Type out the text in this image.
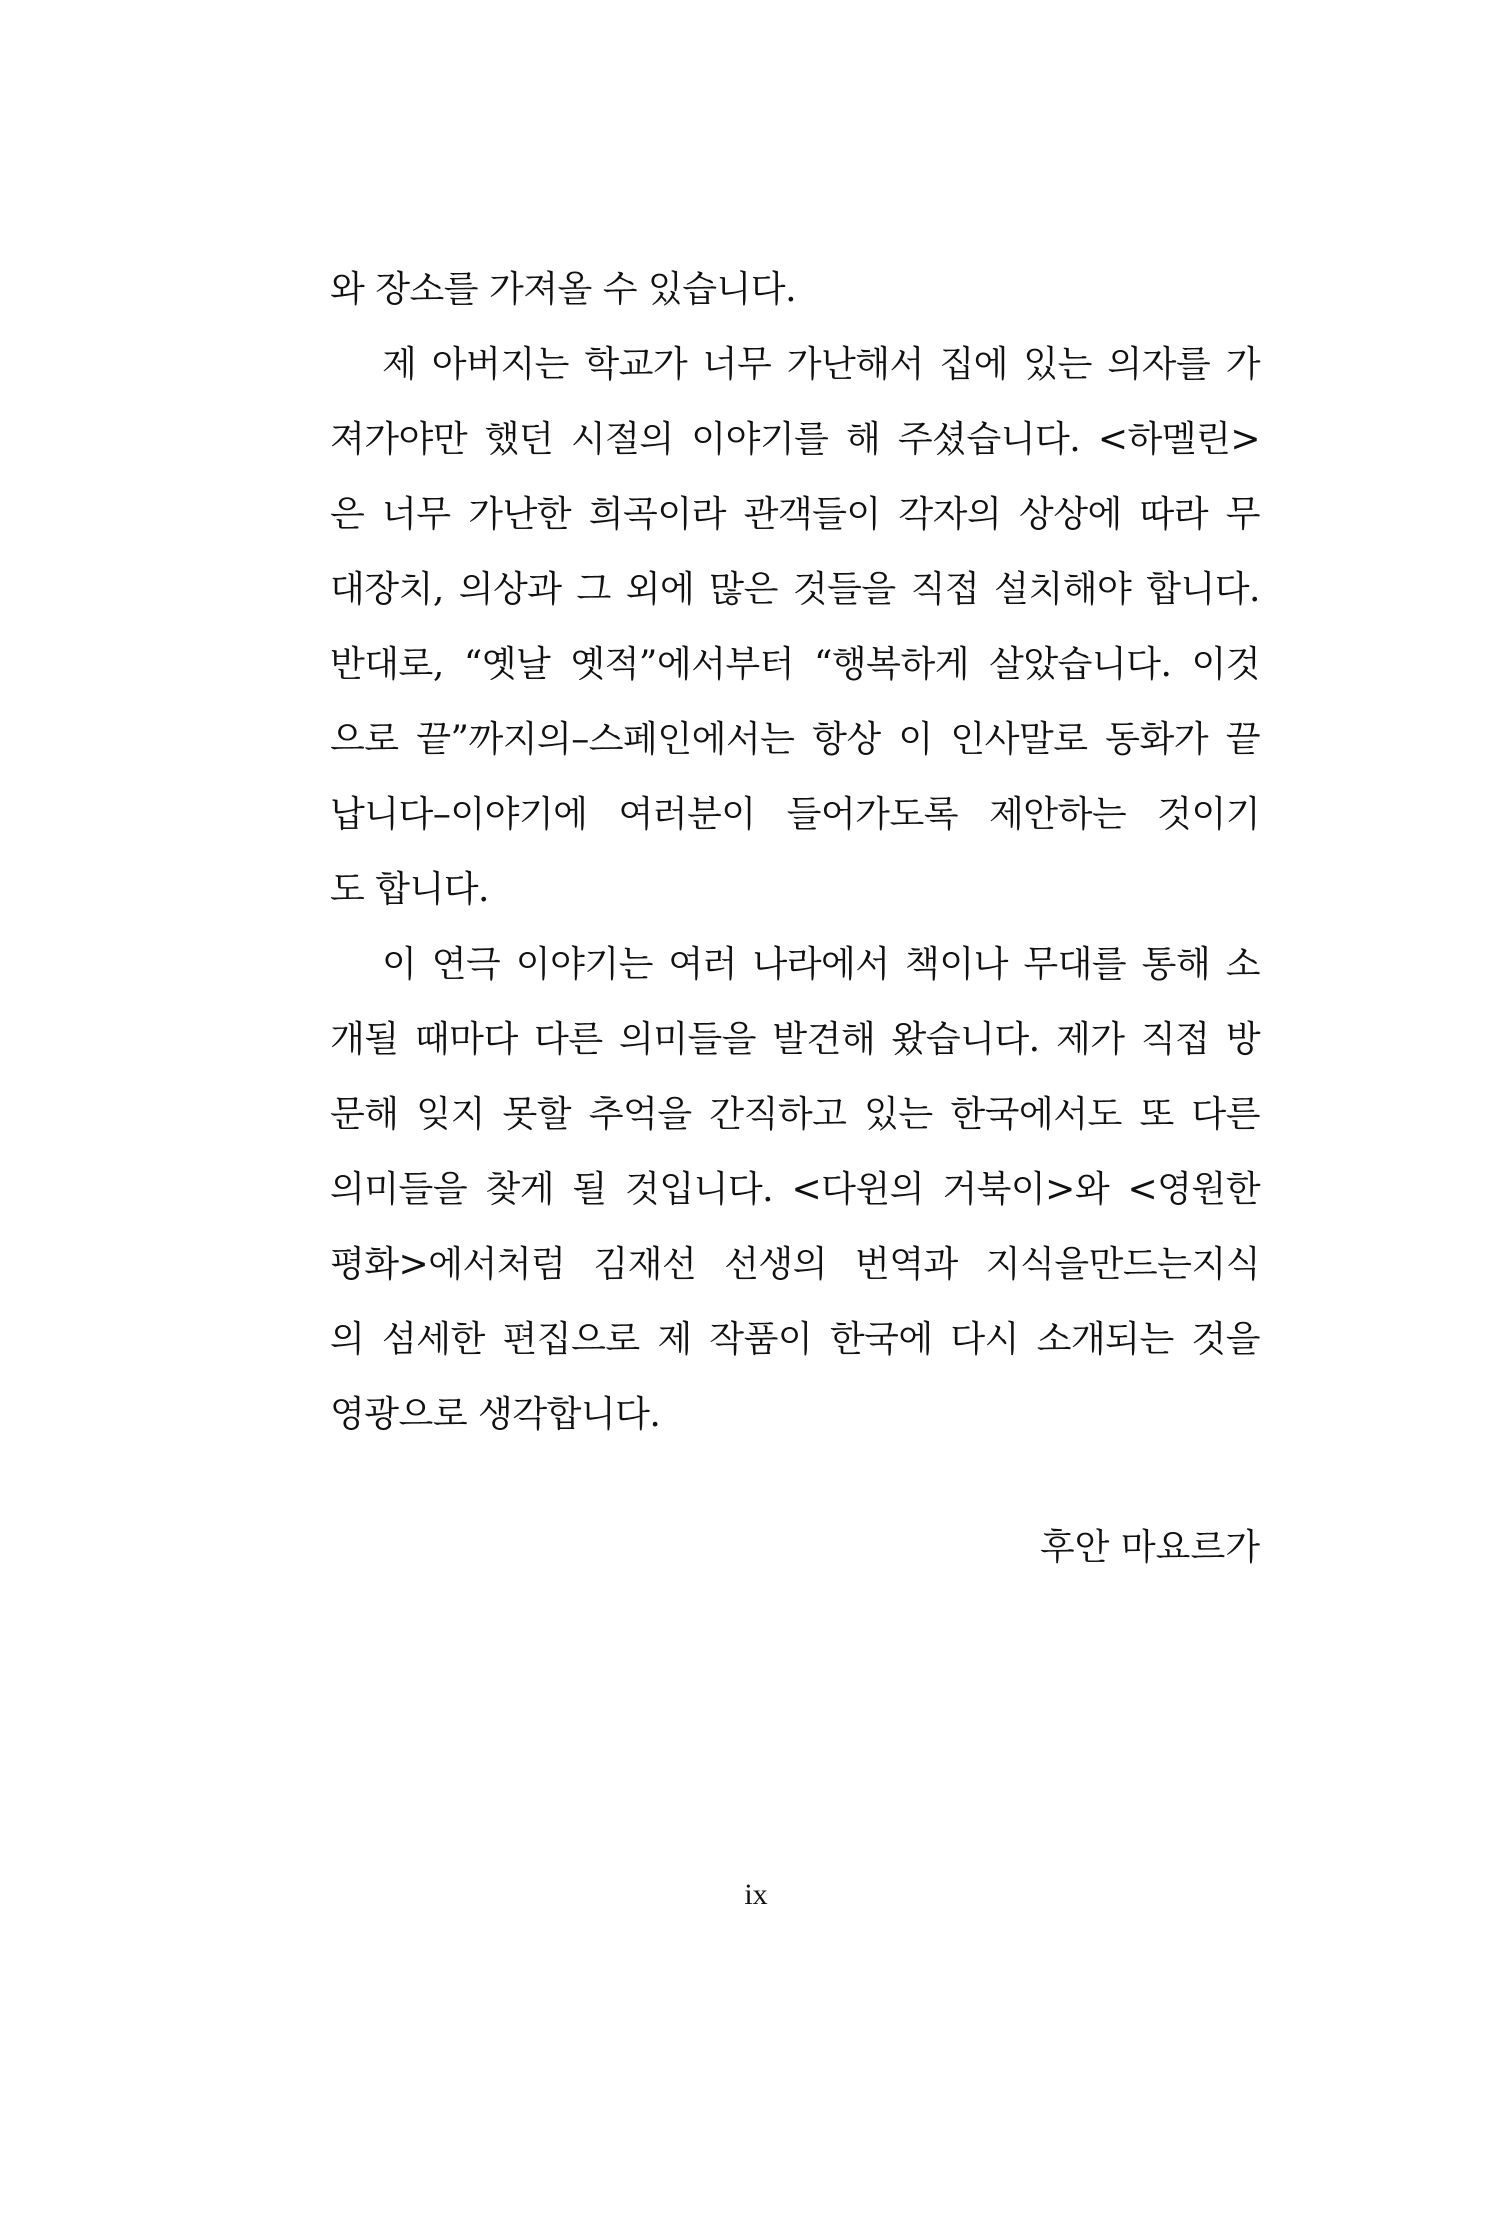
와 장소를 가져올 수 있습니다.
제 아버지는 학교가 너무 가난해서 집에 있는 의자를 가
져가야만 했던 시절의 이야기를 해 주셨습니다. <하멜린>
은 너무 가난한 희곡이라 관객들이 각자의 상상에 따라 무
대장치, 의상과 그 외에 많은 것들을 직접 설치해야 합니다.
반대로, “옛날 옛적”에서부터 “행복하게 살았습니다. 이것
으로 끝”까지의–스페인에서는 항상 이 인사말로 동화가 끝
납니다–이야기에 여러분이 들어가도록 제안하는 것이기
도 합니다.
이 연극 이야기는 여러 나라에서 책이나 무대를 통해 소
개될 때마다 다른 의미들을 발견해 왔습니다. 제가 직접 방
문해 잊지 못할 추억을 간직하고 있는 한국에서도 또 다른
의미들을 찾게 될 것입니다. <다윈의 거북이>와 <영원한
평화>에서처럼 김재선 선생의 번역과 지식을만드는지식
의 섬세한 편집으로 제 작품이 한국에 다시 소개되는 것을
영광으로 생각합니다.
후안 마요르가
ix
